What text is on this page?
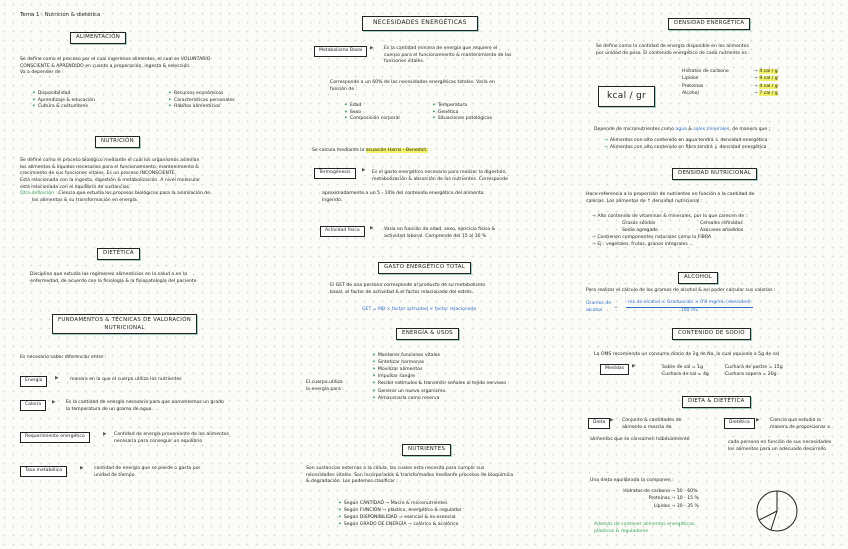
Tema 1 : Nutrición & dietética
ALIMENTACIÓN
Se define como el proceso por el cual ingerimos alimentos, el cual es VOLUNTARIO
CONSCIENTE & APRENDIDO en cuanto a preparación, ingesta & selección.
Va a depender de :
✦ Disponibilidad
✦ Aprendizaje & educación
✦ Cultura & costumbres
✦ Recursos económicos
✦ Características personales
✦ Hábitos alimenticios
NUTRICIÓN
Se define como el proceso biológico mediante el cual los organismos asimilan
los alimentos & líquidos necesarios para el funcionamiento, mantenimiento &
crecimiento de sus funciones vitales. Es un proceso INCONSCIENTE.
Está relacionada con la ingesta, digestión & metabolización. A nivel molecular
está relacionada con el equilibrio de sustancias.
Otra definición : Ciencia que estudia los procesos biológicos para la asimilación de
los alimentos & su transformación en energía.
DIETÉTICA
Disciplina que estudia los regímenes alimenticios en la salud o en la
enfermedad, de acuerdo con la fisiología & la fisiopatología del paciente
FUNDAMENTOS & TÉCNICAS DE VALORACIÓN
NUTRICIONAL
Es necesario saber diferenciar entre :
Energía	▶ manera en la que el cuerpo utiliza los nutrientes
Caloría	▶ Es la cantidad de energía necesaria para que aumentemos un grado
la temperatura de un gramo de agua.
Requerimiento energético	▶ Cantidad de energía proveniente de los alimentos
necesaria para conseguir un equilibrio
Tasa metabólica	▶ cantidad de energía que se pierde o gasta por
unidad de tiempo
NECESIDADES ENERGÉTICAS
Metabolismo Basal	▶ Es la cantidad mínima de energía que requiere el
cuerpo para el funcionamiento & mantenimiento de las
funciones vitales.
Corresponde a un 60% de las necesidades energéticas totales. Varía en
función de :
✦ Edad
✦ Sexo
✦ Composición corporal
✦ Temperatura
✦ Genética
✦ Situaciones patológicas
Se calcula mediante la ecuación Harris - Benedict.
Termogénesis	▶ Es el gasto energético necesario para realizar la digestión,
metabolización & absorción de los nutrientes. Corresponde
aproximadamente a un 5 - 10% del contenido energético del alimento
ingerido.
Actividad física	▶ Varía en función de edad, sexo, ejercicio físico &
actividad laboral. Comprende del 15 al 30 %
GASTO ENERGÉTICO TOTAL
El GET de una persona corresponde al producto de su metabolismo
basal, el factor de actividad & el factor relacionado del estrés.
GET = MB × factor actividad × factor relacionado
ENERGÍA & USOS
El cuerpo utiliza
la energía para :
✦ Mantener funciones vitales
✦ Sintetizar hormonas
✦ Movilizar alimentos
✦ Impulsar sangre
✦ Recibir estímulos & transmitir señales al tejido nervioso
✦ Generar un nuevo organismo
✦ Almacenarla como reserva
NUTRIENTES
Son sustancias externas a la célula, las cuales esta necesita para cumplir sus
necesidades vitales. Son incorporados & transformados mediante procesos de bioquímica
& degradación. Los podemos clasificar :
✦ Según CANTIDAD → Macro & micronutrientes
✦ Según FUNCIÓN → plástico, energético & regulador
✦ Según DISPONIBILIDAD → esencial & no esencial
✦ Según GRADO DE ENERGÍA → calórico & acalórico
DENSIDAD ENERGÉTICA
Se define como la cantidad de energía disponible en los alimentos
por unidad de peso. El contenido energético de cada nutriente es :
kcal / gr
Hidratos de carbono	→ 4 cal / g
Lípidos	→ 9 cal / g
Proteínas	→ 4 cal / g
Alcohol	→ 7 cal / g
Depende de micronutrientes como agua & sales minerales, de manera que :
→ Alimentos con alto contenido en agua tendrá ↓ densidad energética
→ Alimentos con alto contenido en fibra tendrá ↓ densidad energética
DENSIDAD NUTRICIONAL
Hace referencia a la proporción de nutrientes en función a la cantidad de
calorías. Los alimentos de ↑ densidad nutricional :
→ Alto contenido de vitaminas & minerales, por lo que carecen de :
Grasas sólidas
Sodio agregado
Cereales refinados
Azúcares añadidos
→ Contienen componentes naturales como la FIBRA
→ Ej : vegetales, frutas, granos integrales ...
ALCOHOL
Para realizar el cálculo de los gramos de alcohol & así poder calcular sus calorías :
Gramos de
alcohol
=
mL de alcohol × Graduación × 0'8 mg/mL (densidad)
100 mL
CONTENIDO DE SODIO
La OMS recomienda un consumo diario de 2g de Na, lo cual equivale a 5g de sal
Medidas	▶	Sobre de sal = 1g
Cuchara de sal = 4g
Cuchara de postre = 15g
Cuchara sopera = 20g
DIETA & DIETÉTICA
Dieta	▶ Conjunto & cantidades de
alimento o mezcla de
alimentos que se consumen habitualmente
Dietética	▶ Ciencia que estudia la
manera de proporcionar a
cada persona en función de sus necesidades
los alimentos para un adecuado desarrollo
Una dieta equilibrada la componen :
Hidratos de carbono → 50 - 60%
Proteínas → 10 - 15 %
Lípidos → 30 - 35 %
Además de contener alimentos energéticos,
plásticos & reguladores
